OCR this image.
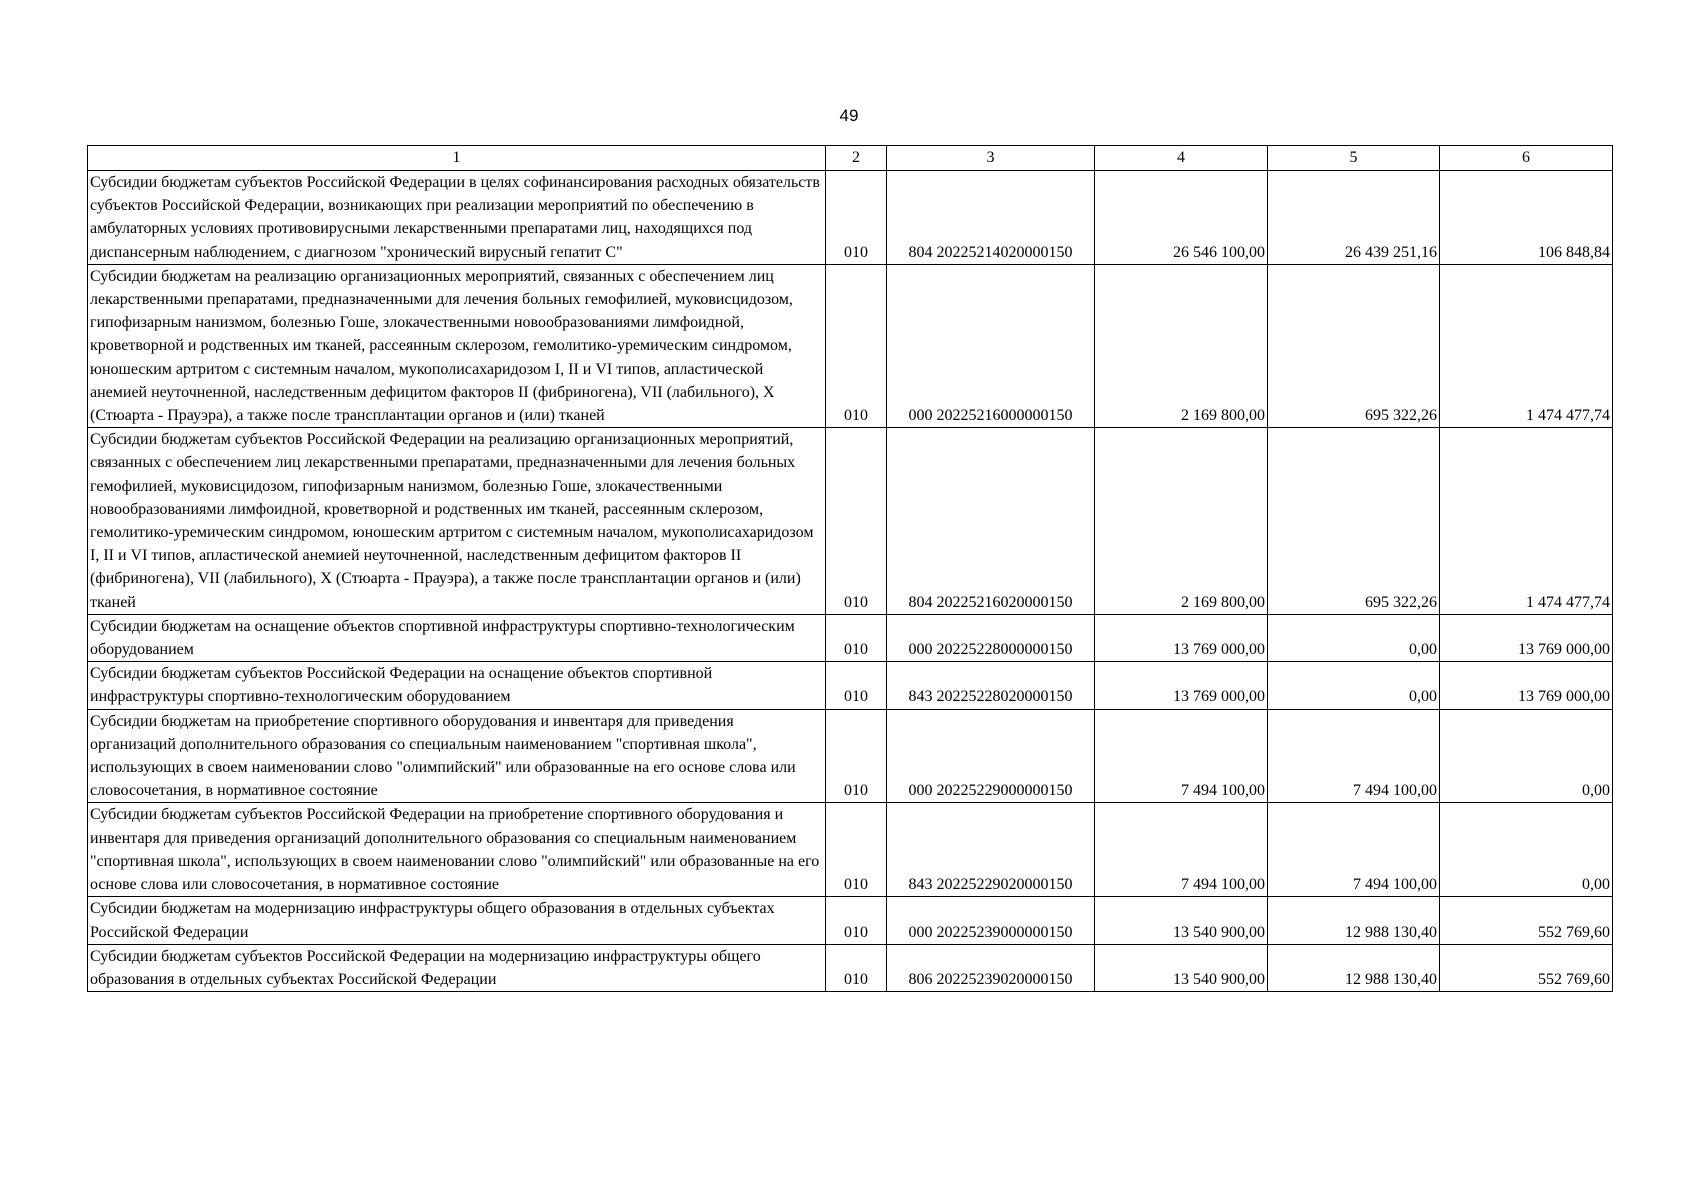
49
1	2	3	4	5	6
Субсидии бюджетам субъектов Российской Федерации в целях софинансирования расходных обязательств субъектов Российской Федерации, возникающих при реализации мероприятий по обеспечению в амбулаторных условиях противовирусными лекарственными препаратами лиц, находящихся под диспансерным наблюдением, с диагнозом "хронический вирусный гепатит С"	010	804 20225214020000150	26 546 100,00	26 439 251,16	106 848,84
Субсидии бюджетам на реализацию организационных мероприятий, связанных с обеспечением лиц лекарственными препаратами, предназначенными для лечения больных гемофилией, муковисцидозом, гипофизарным нанизмом, болезнью Гоше, злокачественными новообразованиями лимфоидной, кроветворной и родственных им тканей, рассеянным склерозом, гемолитико-уремическим синдромом, юношеским артритом с системным началом, мукополисахаридозом I, II и VI типов, апластической анемией неуточненной, наследственным дефицитом факторов II (фибриногена), VII (лабильного), X (Стюарта - Прауэра), а также после трансплантации органов и (или) тканей	010	000 20225216000000150	2 169 800,00	695 322,26	1 474 477,74
Субсидии бюджетам субъектов Российской Федерации на реализацию организационных мероприятий, связанных с обеспечением лиц лекарственными препаратами, предназначенными для лечения больных гемофилией, муковисцидозом, гипофизарным нанизмом, болезнью Гоше, злокачественными новообразованиями лимфоидной, кроветворной и родственных им тканей, рассеянным склерозом, гемолитико-уремическим синдромом, юношеским артритом с системным началом, мукополисахаридозом I, II и VI типов, апластической анемией неуточненной, наследственным дефицитом факторов II (фибриногена), VII (лабильного), X (Стюарта - Прауэра), а также после трансплантации органов и (или) тканей	010	804 20225216020000150	2 169 800,00	695 322,26	1 474 477,74
Субсидии бюджетам на оснащение объектов спортивной инфраструктуры спортивно-технологическим оборудованием	010	000 20225228000000150	13 769 000,00	0,00	13 769 000,00
Субсидии бюджетам субъектов Российской Федерации на оснащение объектов спортивной инфраструктуры спортивно-технологическим оборудованием	010	843 20225228020000150	13 769 000,00	0,00	13 769 000,00
Субсидии бюджетам на приобретение спортивного оборудования и инвентаря для приведения организаций дополнительного образования со специальным наименованием "спортивная школа", использующих в своем наименовании слово "олимпийский" или образованные на его основе слова или словосочетания, в нормативное состояние	010	000 20225229000000150	7 494 100,00	7 494 100,00	0,00
Субсидии бюджетам субъектов Российской Федерации на приобретение спортивного оборудования и инвентаря для приведения организаций дополнительного образования со специальным наименованием "спортивная школа", использующих в своем наименовании слово "олимпийский" или образованные на его основе слова или словосочетания, в нормативное состояние	010	843 20225229020000150	7 494 100,00	7 494 100,00	0,00
Субсидии бюджетам на модернизацию инфраструктуры общего образования в отдельных субъектах Российской Федерации	010	000 20225239000000150	13 540 900,00	12 988 130,40	552 769,60
Субсидии бюджетам субъектов Российской Федерации на модернизацию инфраструктуры общего образования в отдельных субъектах Российской Федерации	010	806 20225239020000150	13 540 900,00	12 988 130,40	552 769,60
